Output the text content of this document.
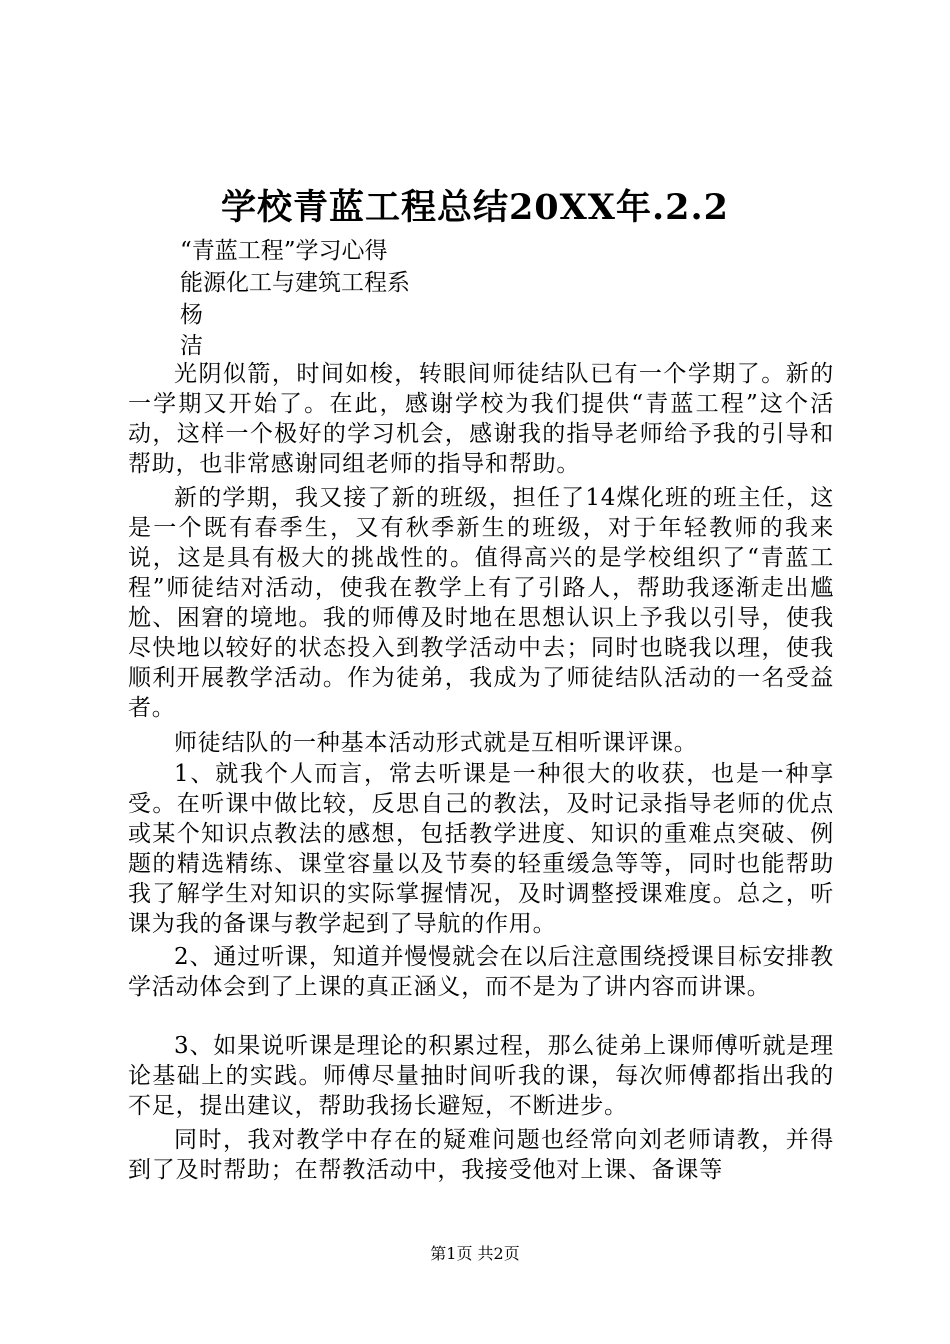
学校青蓝工程总结20XX年.2.2
“青蓝工程”学习心得
能源化工与建筑工程系
杨
洁

光阴似箭，时间如梭，转眼间师徒结队已有一个学期了。新的一学期又开始了。在此，感谢学校为我们提供“青蓝工程”这个活动，这样一个极好的学习机会，感谢我的指导老师给予我的引导和帮助，也非常感谢同组老师的指导和帮助。

新的学期，我又接了新的班级，担任了14煤化班的班主任，这是一个既有春季生，又有秋季新生的班级，对于年轻教师的我来说，这是具有极大的挑战性的。值得高兴的是学校组织了“青蓝工程”师徒结对活动，使我在教学上有了引路人，帮助我逐渐走出尴尬、困窘的境地。我的师傅及时地在思想认识上予我以引导，使我尽快地以较好的状态投入到教学活动中去；同时也晓我以理，使我顺利开展教学活动。作为徒弟，我成为了师徒结队活动的一名受益者。

师徒结队的一种基本活动形式就是互相听课评课。

1、就我个人而言，常去听课是一种很大的收获，也是一种享受。在听课中做比较，反思自己的教法，及时记录指导老师的优点或某个知识点教法的感想，包括教学进度、知识的重难点突破、例题的精选精练、课堂容量以及节奏的轻重缓急等等，同时也能帮助我了解学生对知识的实际掌握情况，及时调整授课难度。总之，听课为我的备课与教学起到了导航的作用。

2、通过听课，知道并慢慢就会在以后注意围绕授课目标安排教学活动体会到了上课的真正涵义，而不是为了讲内容而讲课。

3、如果说听课是理论的积累过程，那么徒弟上课师傅听就是理论基础上的实践。师傅尽量抽时间听我的课，每次师傅都指出我的不足，提出建议，帮助我扬长避短，不断进步。

同时，我对教学中存在的疑难问题也经常向刘老师请教，并得到了及时帮助；在帮教活动中，我接受他对上课、备课等

第1页 共2页
